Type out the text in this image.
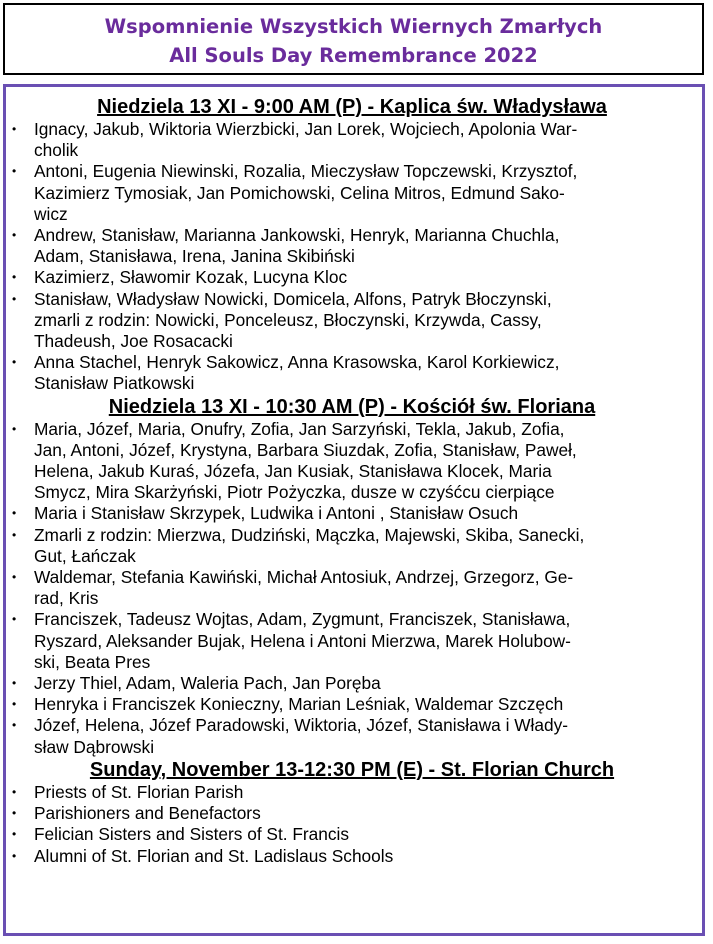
Wspomnienie Wszystkich Wiernych Zmarłych
All Souls Day Remembrance 2022
Niedziela 13 XI - 9:00 AM (P) - Kaplica św. Władysława
• Ignacy, Jakub, Wiktoria Wierzbicki, Jan Lorek, Wojciech, Apolonia War-
cholik
• Antoni, Eugenia Niewinski, Rozalia, Mieczysław Topczewski, Krzysztof,
Kazimierz Tymosiak, Jan Pomichowski, Celina Mitros, Edmund Sako-
wicz
• Andrew, Stanisław, Marianna Jankowski, Henryk, Marianna Chuchla,
Adam, Stanisława, Irena, Janina Skibiński
• Kazimierz, Sławomir Kozak, Lucyna Kloc
• Stanisław, Władysław Nowicki, Domicela, Alfons, Patryk Błoczynski,
zmarli z rodzin: Nowicki, Ponceleusz, Błoczynski, Krzywda, Cassy,
Thadeush, Joe Rosacacki
• Anna Stachel, Henryk Sakowicz, Anna Krasowska, Karol Korkiewicz,
Stanisław Piatkowski
Niedziela 13 XI - 10:30 AM (P) - Kościół św. Floriana
• Maria, Józef, Maria, Onufry, Zofia, Jan Sarzyński, Tekla, Jakub, Zofia,
Jan, Antoni, Józef, Krystyna, Barbara Siuzdak, Zofia, Stanisław, Paweł,
Helena, Jakub Kuraś, Józefa, Jan Kusiak, Stanisława Klocek, Maria
Smycz, Mira Skarżyński, Piotr Pożyczka, dusze w czyśćcu cierpiące
• Maria i Stanisław Skrzypek, Ludwika i Antoni , Stanisław Osuch
• Zmarli z rodzin: Mierzwa, Dudziński, Mączka, Majewski, Skiba, Sanecki,
Gut, Łańczak
• Waldemar, Stefania Kawiński, Michał Antosiuk, Andrzej, Grzegorz, Ge-
rad, Kris
• Franciszek, Tadeusz Wojtas, Adam, Zygmunt, Franciszek, Stanisława,
Ryszard, Aleksander Bujak, Helena i Antoni Mierzwa, Marek Holubow-
ski, Beata Pres
• Jerzy Thiel, Adam, Waleria Pach, Jan Poręba
• Henryka i Franciszek Konieczny, Marian Leśniak, Waldemar Szczęch
• Józef, Helena, Józef Paradowski, Wiktoria, Józef, Stanisława i Włady-
sław Dąbrowski
Sunday, November 13-12:30 PM (E) - St. Florian Church
• Priests of St. Florian Parish
• Parishioners and Benefactors
• Felician Sisters and Sisters of St. Francis
• Alumni of St. Florian and St. Ladislaus Schools
